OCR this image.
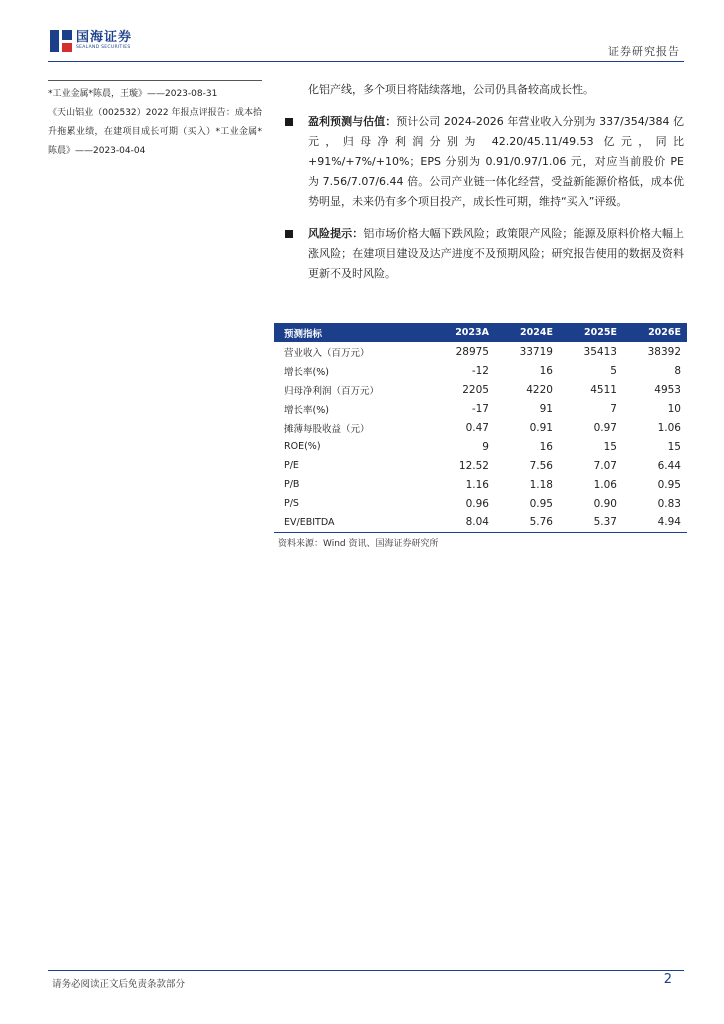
国海证券
SEALAND SECURITIES	证券研究报告

*工业金属*陈晨，王璇》——2023-08-31

《天山铝业（002532）2022 年报点评报告：成本拾升拖累业绩，在建项目成长可期（买入）*工业金属*陈晨》——2023-04-04

化铝产线，多个项目将陆续落地，公司仍具备较高成长性。

盈利预测与估值：预计公司 2024-2026 年营业收入分别为 337/354/384 亿元，归母净利润分别为 42.20/45.11/49.53 亿元，同比+91%/+7%/+10%；EPS 分别为 0.91/0.97/1.06 元，对应当前股价 PE 为 7.56/7.07/6.44 倍。公司产业链一体化经营，受益新能源价格低，成本优势明显，未来仍有多个项目投产，成长性可期，维持“买入”评级。
风险提示：铝市场价格大幅下跌风险；政策限产风险；能源及原料价格大幅上涨风险；在建项目建设及达产进度不及预期风险；研究报告使用的数据及资料更新不及时风险。
预测指标	2023A	2024E	2025E	2026E
营业收入（百万元）	28975	33719	35413	38392
增长率(%)	-12	16	5	8
归母净利润（百万元）	2205	4220	4511	4953
增长率(%)	-17	91	7	10
摊薄每股收益（元）	0.47	0.91	0.97	1.06
ROE(%)	9	16	15	15
P/E	12.52	7.56	7.07	6.44
P/B	1.16	1.18	1.06	0.95
P/S	0.96	0.95	0.90	0.83
EV/EBITDA	8.04	5.76	5.37	4.94

资料来源：Wind 资讯、国海证券研究所

请务必阅读正文后免责条款部分	2
